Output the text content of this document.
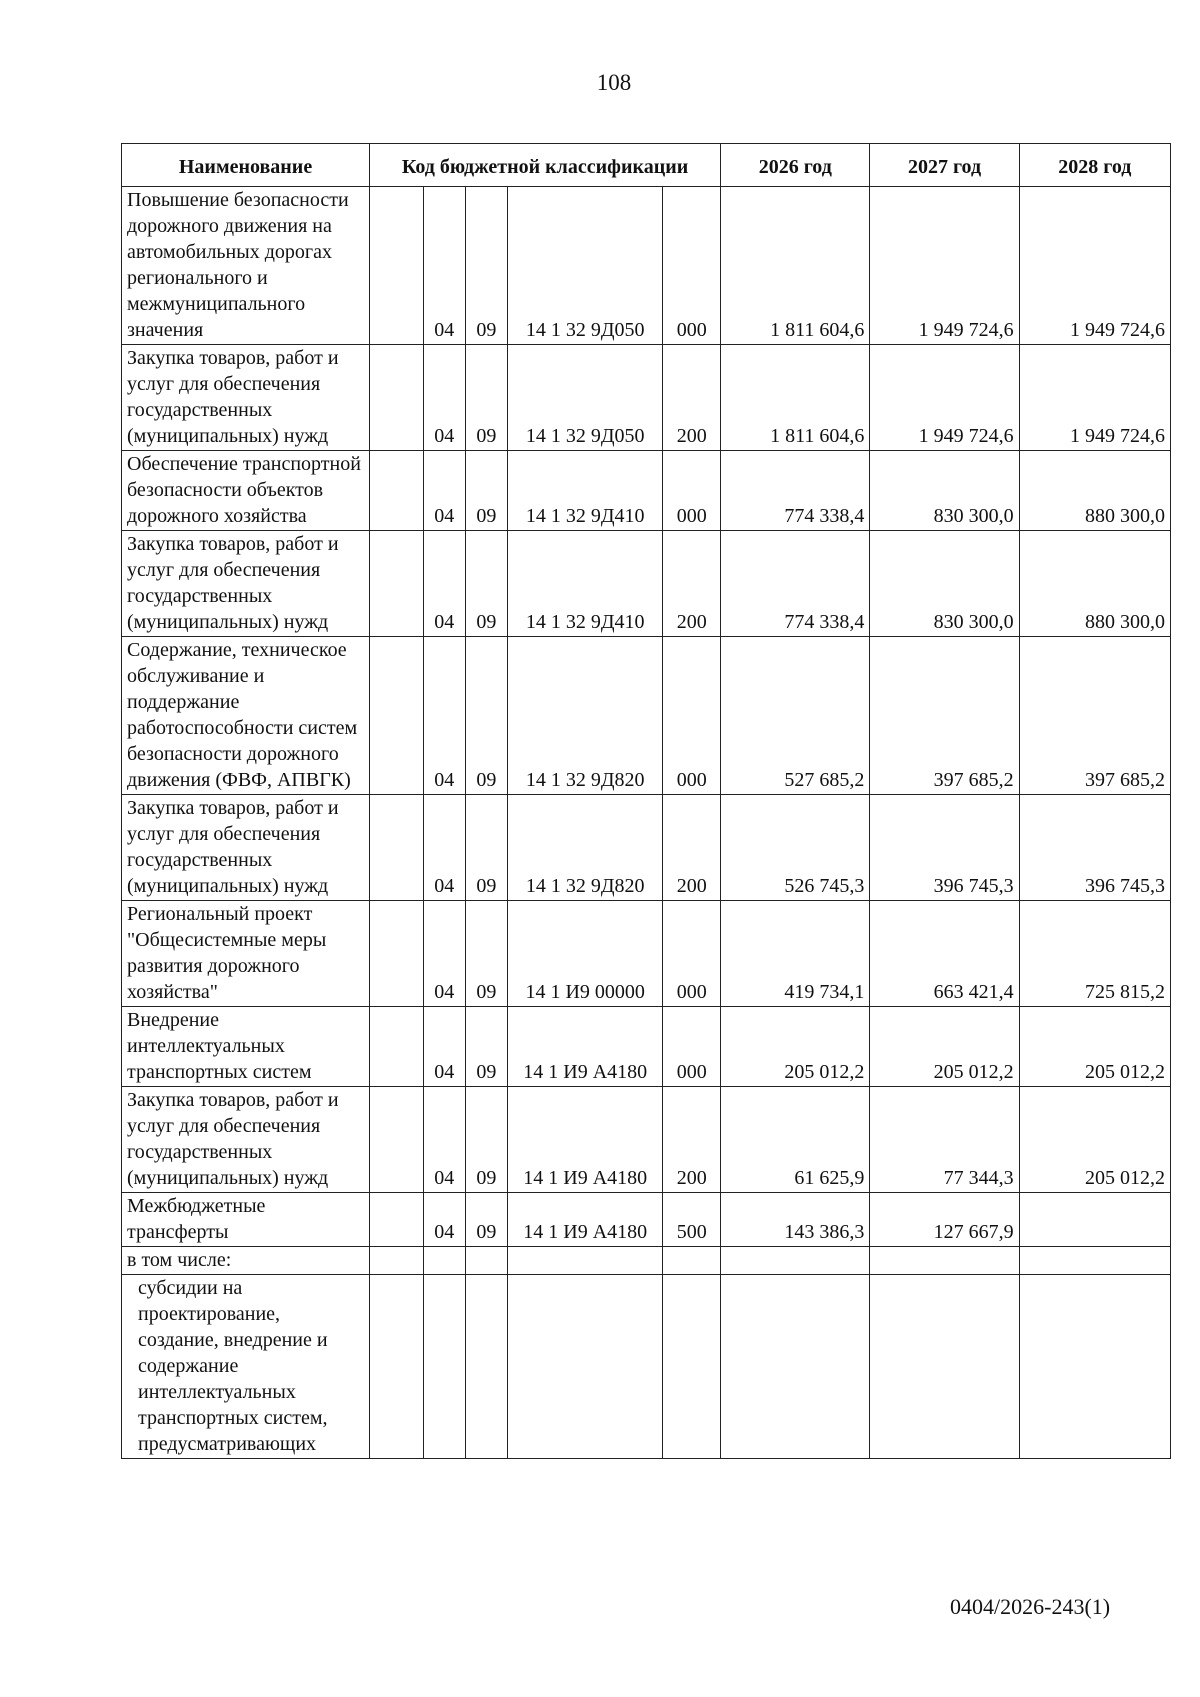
108
Наименование	Код бюджетной классификации					2026 год	2027 год	2028 год
Повышение безопасности дорожного движения на автомобильных дорогах регионального и межмуниципального значения		04	09	14 1 32 9Д050	000	1 811 604,6	1 949 724,6	1 949 724,6
Закупка товаров, работ и услуг для обеспечения государственных (муниципальных) нужд		04	09	14 1 32 9Д050	200	1 811 604,6	1 949 724,6	1 949 724,6
Обеспечение транспортной безопасности объектов дорожного хозяйства		04	09	14 1 32 9Д410	000	774 338,4	830 300,0	880 300,0
Закупка товаров, работ и услуг для обеспечения государственных (муниципальных) нужд		04	09	14 1 32 9Д410	200	774 338,4	830 300,0	880 300,0
Содержание, техническое обслуживание и поддержание работоспособности систем безопасности дорожного движения (ФВФ, АПВГК)		04	09	14 1 32 9Д820	000	527 685,2	397 685,2	397 685,2
Закупка товаров, работ и услуг для обеспечения государственных (муниципальных) нужд		04	09	14 1 32 9Д820	200	526 745,3	396 745,3	396 745,3
Региональный проект "Общесистемные меры развития дорожного хозяйства"		04	09	14 1 И9 00000	000	419 734,1	663 421,4	725 815,2
Внедрение интеллектуальных транспортных систем		04	09	14 1 И9 А4180	000	205 012,2	205 012,2	205 012,2
Закупка товаров, работ и услуг для обеспечения государственных (муниципальных) нужд		04	09	14 1 И9 А4180	200	61 625,9	77 344,3	205 012,2
Межбюджетные трансферты		04	09	14 1 И9 А4180	500	143 386,3	127 667,9	
в том числе:								
субсидии на проектирование, создание, внедрение и содержание интеллектуальных транспортных систем, предусматривающих								
0404/2026-243(1)
